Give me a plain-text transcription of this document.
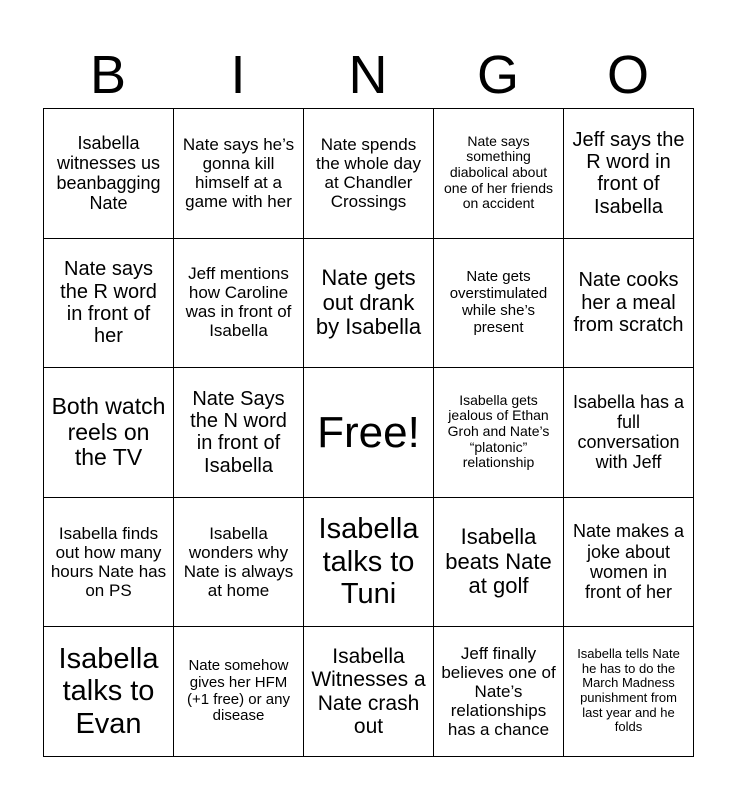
B	I	N	G	O
Isabella witnesses us beanbagging Nate	Nate says he’s gonna kill himself at a game with her	Nate spends the whole day at Chandler Crossings	Nate says something diabolical about one of her friends on accident	Jeff says the R word in front of Isabella
Nate says the R word in front of her	Jeff mentions how Caroline was in front of Isabella	Nate gets out drank by Isabella	Nate gets overstimulated while she’s present	Nate cooks her a meal from scratch
Both watch reels on the TV	Nate Says the N word in front of Isabella	Free!	Isabella gets jealous of Ethan Groh and Nate’s “platonic” relationship	Isabella has a full conversation with Jeff
Isabella finds out how many hours Nate has on PS	Isabella wonders why Nate is always at home	Isabella talks to Tuni	Isabella beats Nate at golf	Nate makes a joke about women in front of her
Isabella talks to Evan	Nate somehow gives her HFM (+1 free) or any disease	Isabella Witnesses a Nate crash out	Jeff finally believes one of Nate’s relationships has a chance	Isabella tells Nate he has to do the March Madness punishment from last year and he folds
